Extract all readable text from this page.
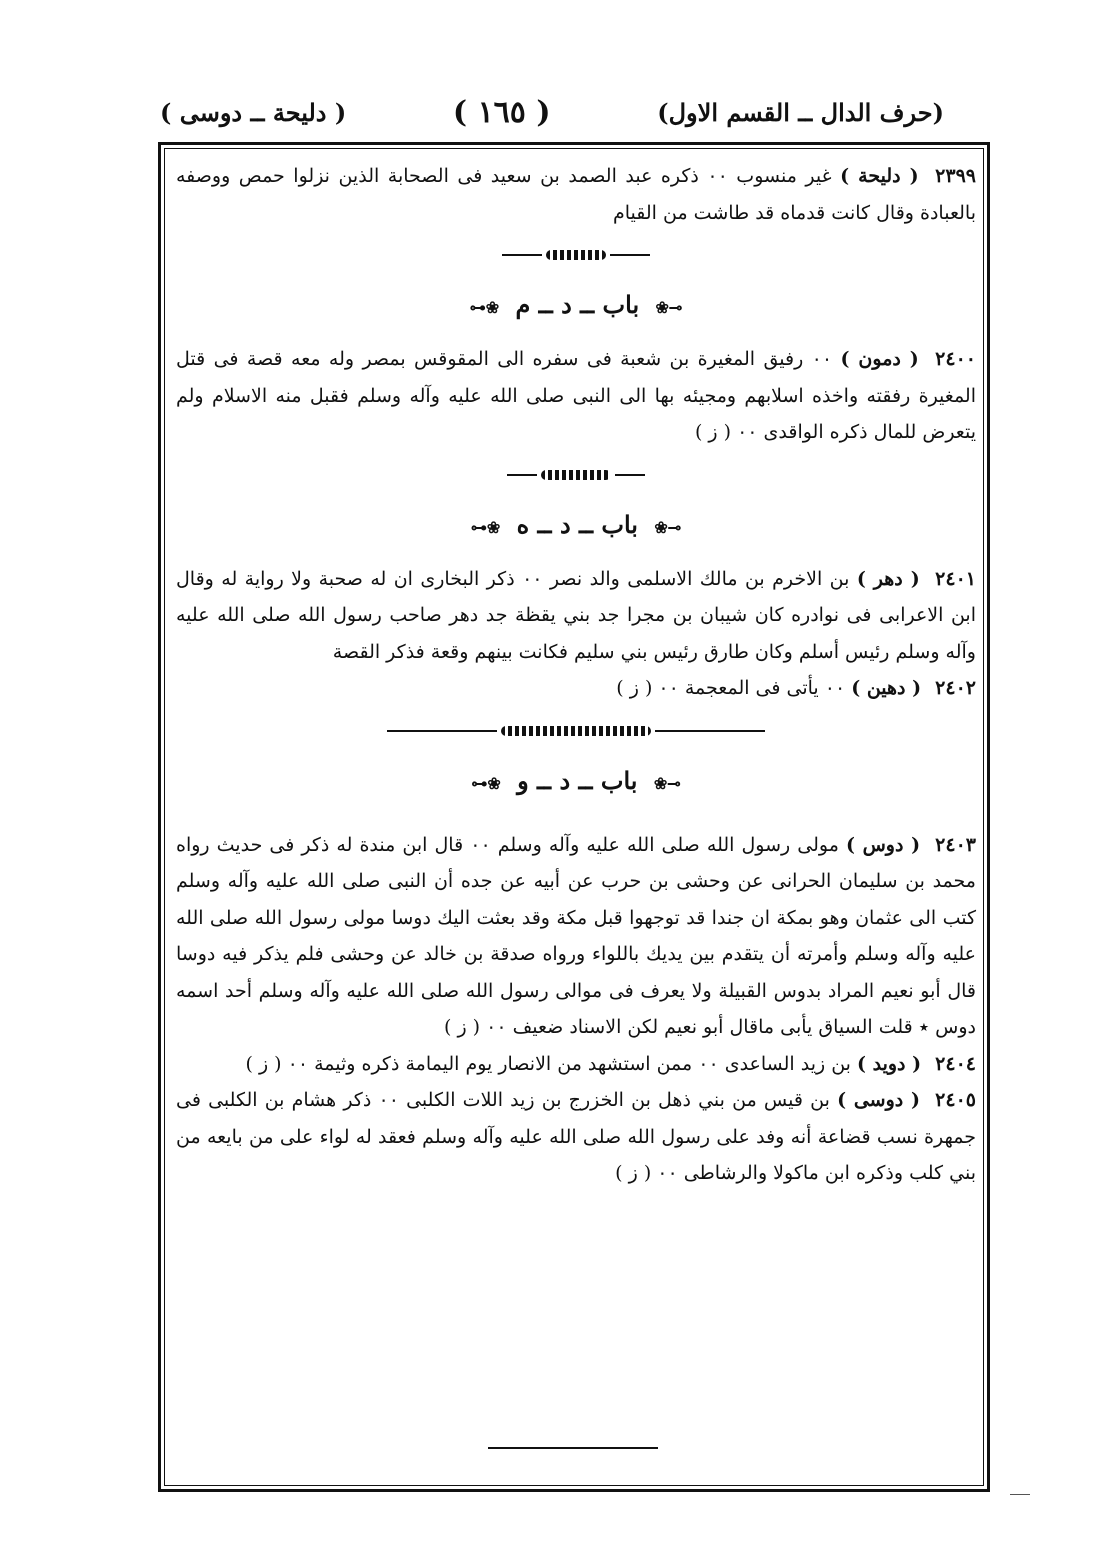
(حرف الدال ــ القسم الاول)
( ١٦٥ )
( دليحة ــ دوسى )

٢٣٩٩ ( دليحة ) غير منسوب ٠٠ ذكره عبد الصمد بن سعيد فى الصحابة الذين نزلوا حمص ووصفه بالعبادة وقال كانت قدماه قد طاشت من القيام

⊸❀ باب ــ د ــ م ❀⊷

٢٤٠٠ ( دمون ) ٠٠ رفيق المغيرة بن شعبة فى سفره الى المقوقس بمصر وله معه قصة فى قتل المغيرة رفقته واخذه اسلابهم ومجيئه بها الى النبى صلى الله عليه وآله وسلم فقبل منه الاسلام ولم يتعرض للمال ذكره الواقدى ٠٠ ( ز )

⊸❀ باب ــ د ــ ه ❀⊷

٢٤٠١ ( دهر ) بن الاخرم بن مالك الاسلمى والد نصر ٠٠ ذكر البخارى ان له صحبة ولا رواية له وقال ابن الاعرابى فى نوادره كان شيبان بن مجرا جد بني يقظة جد دهر صاحب رسول الله صلى الله عليه وآله وسلم رئيس أسلم وكان طارق رئيس بني سليم فكانت بينهم وقعة فذكر القصة

٢٤٠٢ ( دهين ) ٠٠ يأتى فى المعجمة ٠٠ ( ز )

⊸❀ باب ــ د ــ و ❀⊷

٢٤٠٣ ( دوس ) مولى رسول الله صلى الله عليه وآله وسلم ٠٠ قال ابن مندة له ذكر فى حديث رواه محمد بن سليمان الحرانى عن وحشى بن حرب عن أبيه عن جده أن النبى صلى الله عليه وآله وسلم كتب الى عثمان وهو بمكة ان جندا قد توجهوا قبل مكة وقد بعثت اليك دوسا مولى رسول الله صلى الله عليه وآله وسلم وأمرته أن يتقدم بين يديك باللواء ورواه صدقة بن خالد عن وحشى فلم يذكر فيه دوسا قال أبو نعيم المراد بدوس القبيلة ولا يعرف فى موالى رسول الله صلى الله عليه وآله وسلم أحد اسمه دوس ٭ قلت السياق يأبى ماقال أبو نعيم لكن الاسناد ضعيف ٠٠ ( ز )

٢٤٠٤ ( دويد ) بن زيد الساعدى ٠٠ ممن استشهد من الانصار يوم اليمامة ذكره وثيمة ٠٠ ( ز )

٢٤٠٥ ( دوسى ) بن قيس من بني ذهل بن الخزرج بن زيد اللات الكلبى ٠٠ ذكر هشام بن الكلبى فى جمهرة نسب قضاعة أنه وفد على رسول الله صلى الله عليه وآله وسلم فعقد له لواء على من بايعه من بني كلب وذكره ابن ماكولا والرشاطى ٠٠ ( ز )
